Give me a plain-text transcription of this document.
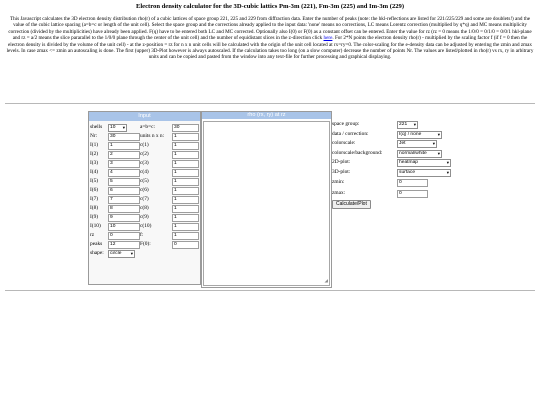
Electron density calculator for the 3D-cubic lattics Pm-3m (221), Fm-3m (225) and Im-3m (229)
This Javascript calculates the 3D electron density distribution rho(r) of a cubic lattices of space group 221, 225 and 229 from diffraction data. Enter the number of peaks (note: the hkl-reflections are listed for 221/225/229 and some are doublets!) and the value of the cubic lattice spacing (a=b=c or length of the unit cell). Select the space group and the corrections already applied to the input data: 'none' means no corrections, LC means Lorentz correction (multiplied by q*q) and MC means multiplicity correction (divided by the multiplicities) have already been applied. F(q) have to be entered both LC and MC corrected. Optionally also I(0) or F(0) as a constant offset can be entered. Enter the value for rz (rz = 0 means the 1/0/0 = 0/1/0 = 0/0/1 hkl-plane and rz = a/2 means the slice pararallel to the 1/0/0 plane through the center of the unit cell) and the number of equidistant slices in the z-direction click here. For 2*N points the electron density rho(r) - multiplied by the scaling factor f (if f = 0 then the electron density is divided by the volume of the unit cell) - at the z-position = rz for n x n unit cells will be calculated with the origin of the unit cell located at rx=ry=0. The color-scaling for the e-density data can be adjusted by entering the zmin and zmax levels. In case zmax <= zmin an autoscaling is done. The first (upper) 3D-Plot however is always autoscaled. If the calculation takes too long (on a slow computer) decrease the number of points Nr. The values are listed/plotted in rho(r) vs rx, ry in arbitrary units and can be copied and pasted from the window into any text-file for further processing and graphical displaying.
Input
shells	10 ▾	a=b=c:	30
Nr:	30	units n x n:	1
I(1)	1	c(1)	1
I(2)	2	c(2)	1
I(3)	3	c(3)	1
I(4)	4	c(4)	1
I(5)	5	c(5)	1
I(6)	6	c(6)	1
I(7)	7	c(7)	1
I(8)	8	c(8)	1
I(9)	9	c(9)	1
I(10)	10	c(10)	1
rz	0	f:	1
peaks	12	F(0):	0
shape:	circle ▾
rho (rx, ry) at rz
◢
space group:	221 ▾
data / correction:	I(q) / none	▾
colorscale:	Jet	▾
colorscale/background:	normal/white	▾
2D-plot:	heatmap	▾
3D-plot:	surface	▾
zmin:	0
zmax:	0
Calculate/Plot
